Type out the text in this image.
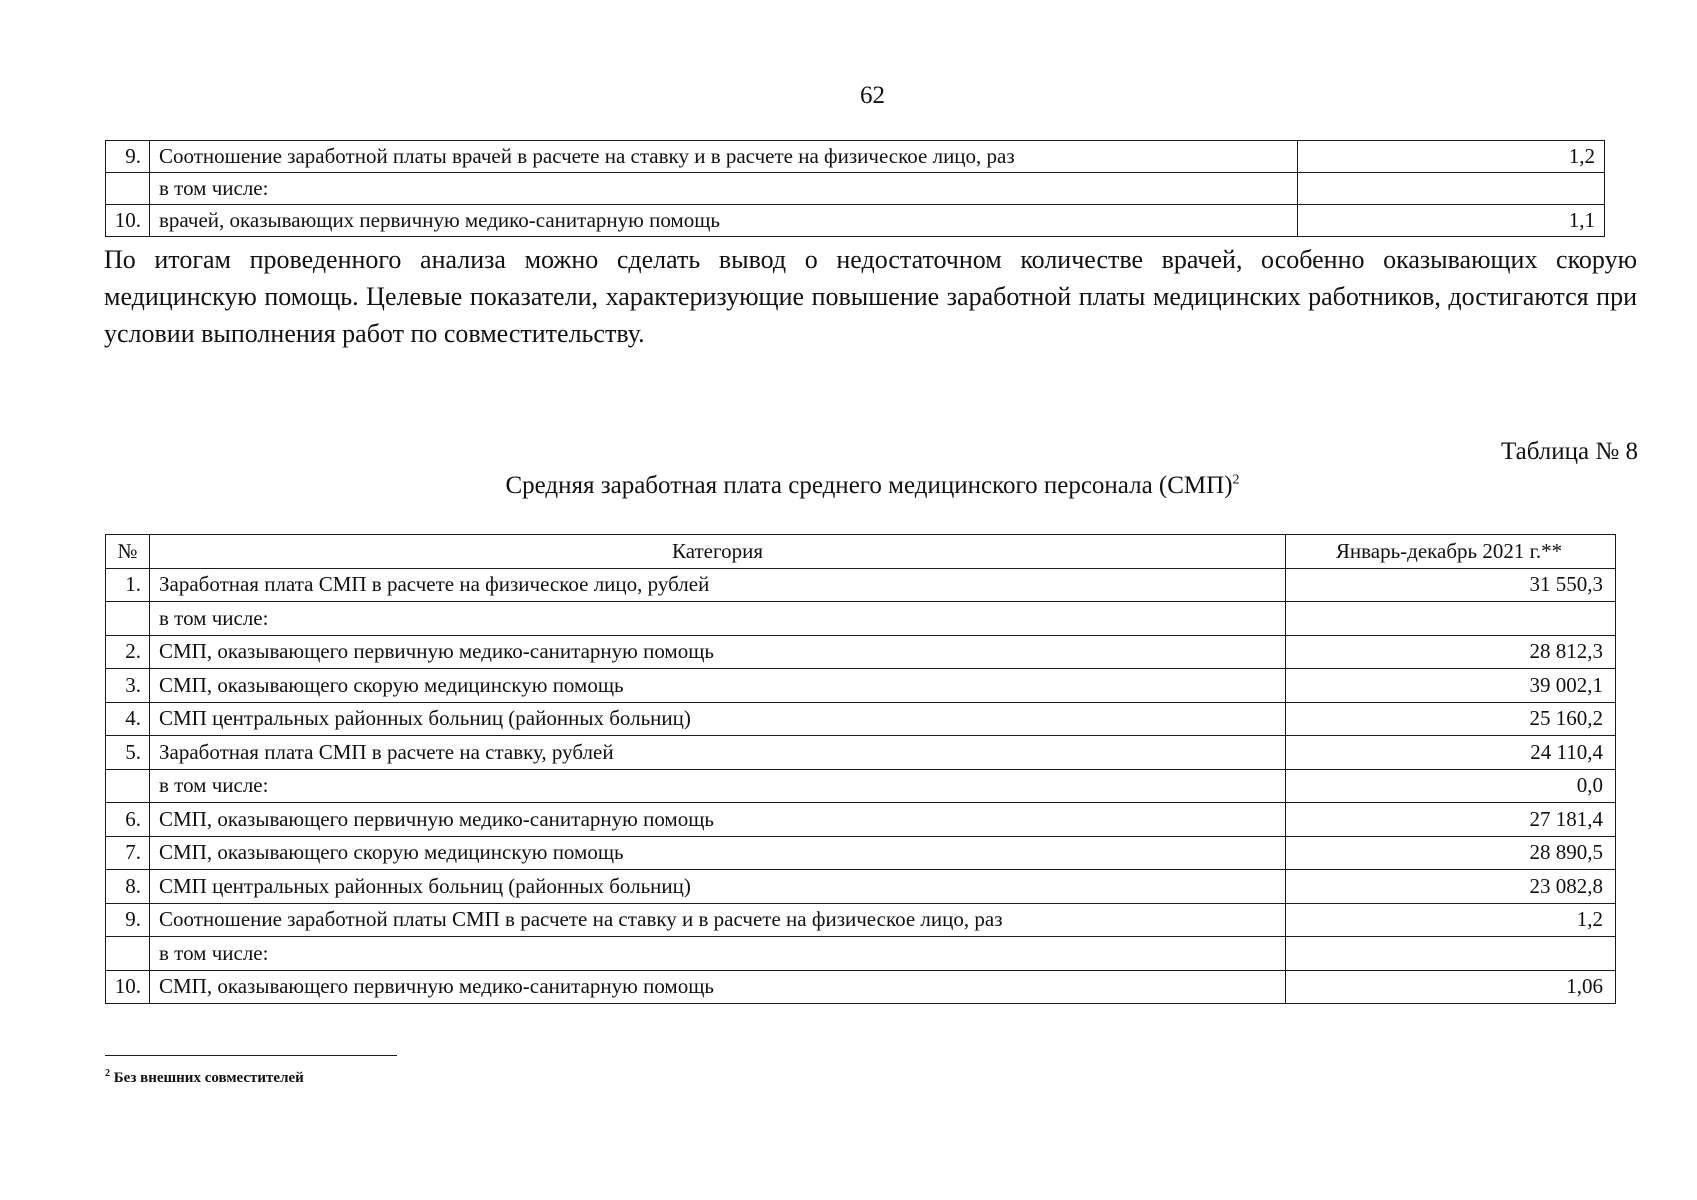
62
9.	Соотношение заработной платы врачей в расчете на ставку и в расчете на физическое лицо, раз	1,2
	в том числе:	
10.	врачей, оказывающих первичную медико-санитарную помощь	1,1

По итогам проведенного анализа можно сделать вывод о недостаточном количестве врачей, особенно оказывающих скорую медицинскую помощь. Целевые показатели, характеризующие повышение заработной платы медицинских работников, достигаются при условии выполнения работ по совместительству.

Таблица № 8
Средняя заработная плата среднего медицинского персонала (СМП)$^2$
№	Категория	Январь-декабрь 2021 г.**
1.	Заработная плата СМП в расчете на физическое лицо, рублей	31 550,3
	в том числе:	
2.	СМП, оказывающего первичную медико-санитарную помощь	28 812,3
3.	СМП, оказывающего скорую медицинскую помощь	39 002,1
4.	СМП центральных районных больниц (районных больниц)	25 160,2
5.	Заработная плата СМП в расчете на ставку, рублей	24 110,4
	в том числе:	0,0
6.	СМП, оказывающего первичную медико-санитарную помощь	27 181,4
7.	СМП, оказывающего скорую медицинскую помощь	28 890,5
8.	СМП центральных районных больниц (районных больниц)	23 082,8
9.	Соотношение заработной платы СМП в расчете на ставку и в расчете на физическое лицо, раз	1,2
	в том числе:	
10.	СМП, оказывающего первичную медико-санитарную помощь	1,06
$^2$ Без внешних совместителей
